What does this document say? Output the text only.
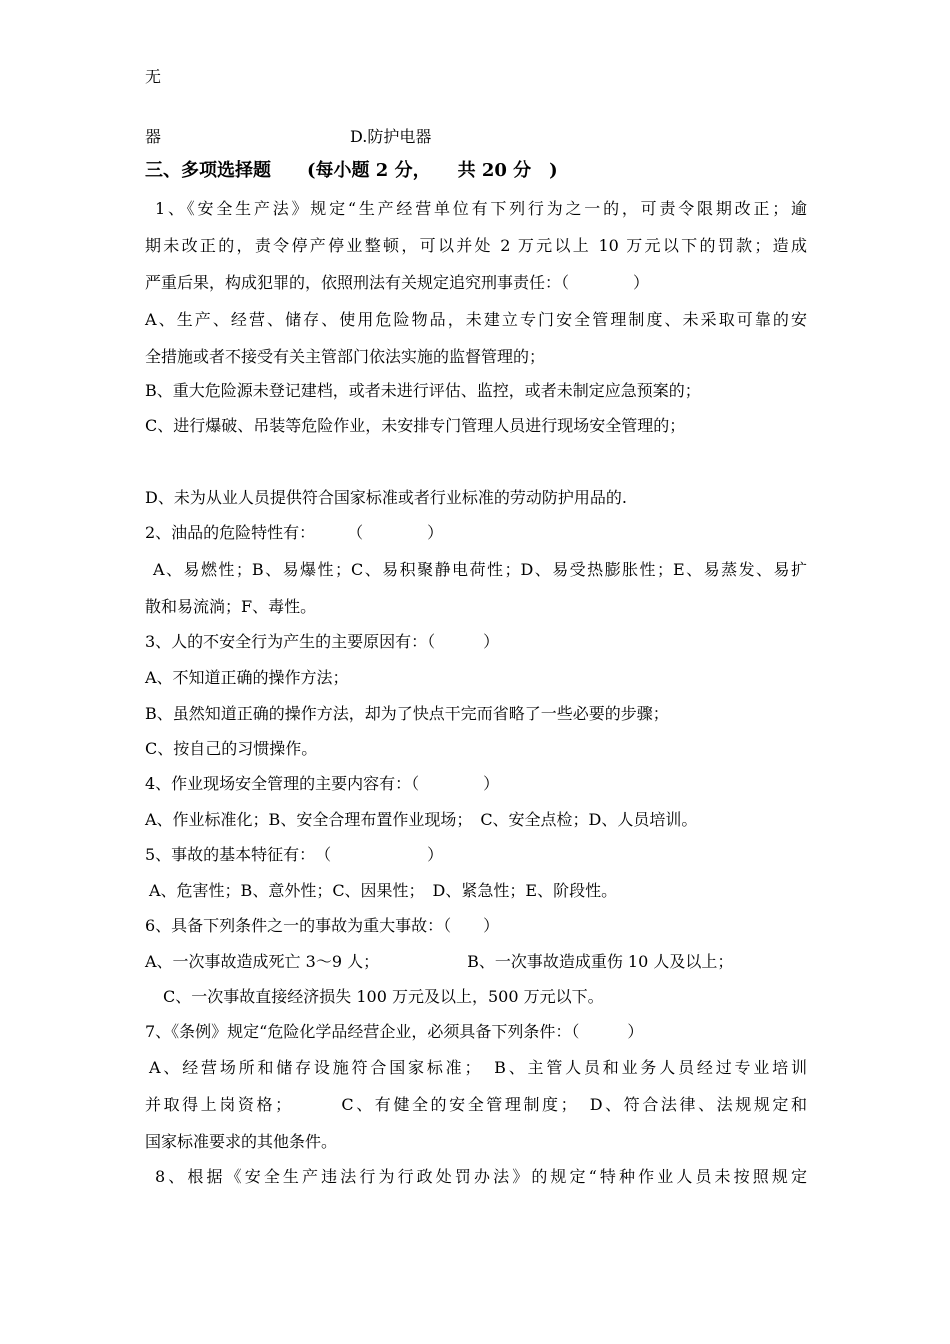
无
器	D.防护电器
三、多项选择题　　(每小题 2 分，　　共 20 分　)
1、《安全生产法》规定“生产经营单位有下列行为之一的，可责令限期改正；逾
期未改正的，责令停产停业整顿，可以并处 2 万元以上 10 万元以下的罚款；造成
严重后果，构成犯罪的，依照刑法有关规定追究刑事责任：（　　　　）
A、生产、经营、储存、使用危险物品，未建立专门安全管理制度、未采取可靠的安
全措施或者不接受有关主管部门依法实施的监督管理的；
B、重大危险源未登记建档，或者未进行评估、监控，或者未制定应急预案的；
C、进行爆破、吊装等危险作业，未安排专门管理人员进行现场安全管理的；
D、未为从业人员提供符合国家标准或者行业标准的劳动防护用品的.
2、油品的危险特性有：　　　（　　　　）
A、易燃性；B、易爆性；C、易积聚静电荷性；D、易受热膨胀性；E、易蒸发、易扩
散和易流淌；F、毒性。
3、人的不安全行为产生的主要原因有：（　　　）
A、不知道正确的操作方法；
B、虽然知道正确的操作方法，却为了快点干完而省略了一些必要的步骤；
C、按自己的习惯操作。
4、作业现场安全管理的主要内容有：（　　　　）
A、作业标准化；B、安全合理布置作业现场；　C、安全点检；D、人员培训。
5、事故的基本特征有：　（　　　　　　）
A、危害性；B、意外性；C、因果性；　D、紧急性；E、阶段性。
6、具备下列条件之一的事故为重大事故：（　　）
A、一次事故造成死亡 3～9 人；　　　　　　B、一次事故造成重伤 10 人及以上；
C、一次事故直接经济损失 100 万元及以上，500 万元以下。
7、《条例》规定“危险化学品经营企业，必须具备下列条件：（　　　）
A、经营场所和储存设施符合国家标准；　B、主管人员和业务人员经过专业培训
并取得上岗资格；　　　C、有健全的安全管理制度；　D、符合法律、法规规定和
国家标准要求的其他条件。
8、根据《安全生产违法行为行政处罚办法》的规定“特种作业人员未按照规定
